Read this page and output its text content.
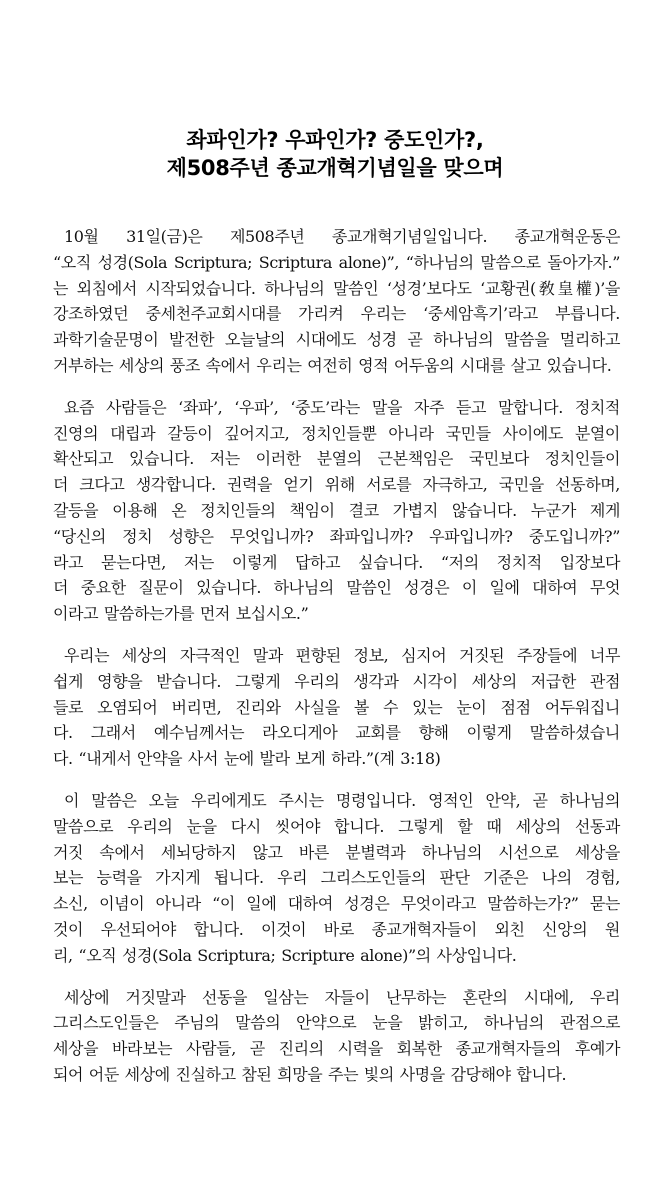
좌파인가? 우파인가? 중도인가?,
제508주년 종교개혁기념일을 맞으며
10월 31일(금)은 제508주년 종교개혁기념일입니다. 종교개혁운동은
“오직 성경(Sola Scriptura; Scriptura alone)”, “하나님의 말씀으로 돌아가자.”
는 외침에서 시작되었습니다. 하나님의 말씀인 ‘성경’보다도 ‘교황권(敎皇權)’을
강조하였던 중세천주교회시대를 가리켜 우리는 ‘중세암흑기’라고 부릅니다.
과학기술문명이 발전한 오늘날의 시대에도 성경 곧 하나님의 말씀을 멀리하고
거부하는 세상의 풍조 속에서 우리는 여전히 영적 어두움의 시대를 살고 있습니다.
요즘 사람들은 ‘좌파’, ‘우파’, ‘중도’라는 말을 자주 듣고 말합니다. 정치적
진영의 대립과 갈등이 깊어지고, 정치인들뿐 아니라 국민들 사이에도 분열이
확산되고 있습니다. 저는 이러한 분열의 근본책임은 국민보다 정치인들이
더 크다고 생각합니다. 권력을 얻기 위해 서로를 자극하고, 국민을 선동하며,
갈등을 이용해 온 정치인들의 책임이 결코 가볍지 않습니다. 누군가 제게
“당신의 정치 성향은 무엇입니까? 좌파입니까? 우파입니까? 중도입니까?”
라고 묻는다면, 저는 이렇게 답하고 싶습니다. “저의 정치적 입장보다
더 중요한 질문이 있습니다. 하나님의 말씀인 성경은 이 일에 대하여 무엇
이라고 말씀하는가를 먼저 보십시오.”
우리는 세상의 자극적인 말과 편향된 정보, 심지어 거짓된 주장들에 너무
쉽게 영향을 받습니다. 그렇게 우리의 생각과 시각이 세상의 저급한 관점
들로 오염되어 버리면, 진리와 사실을 볼 수 있는 눈이 점점 어두워집니
다. 그래서 예수님께서는 라오디게아 교회를 향해 이렇게 말씀하셨습니
다. “내게서 안약을 사서 눈에 발라 보게 하라.”(계 3:18)
이 말씀은 오늘 우리에게도 주시는 명령입니다. 영적인 안약, 곧 하나님의
말씀으로 우리의 눈을 다시 씻어야 합니다. 그렇게 할 때 세상의 선동과
거짓 속에서 세뇌당하지 않고 바른 분별력과 하나님의 시선으로 세상을
보는 능력을 가지게 됩니다. 우리 그리스도인들의 판단 기준은 나의 경험,
소신, 이념이 아니라 “이 일에 대하여 성경은 무엇이라고 말씀하는가?” 묻는
것이 우선되어야 합니다. 이것이 바로 종교개혁자들이 외친 신앙의 원
리, “오직 성경(Sola Scriptura; Scripture alone)”의 사상입니다.
세상에 거짓말과 선동을 일삼는 자들이 난무하는 혼란의 시대에, 우리
그리스도인들은 주님의 말씀의 안약으로 눈을 밝히고, 하나님의 관점으로
세상을 바라보는 사람들, 곧 진리의 시력을 회복한 종교개혁자들의 후예가
되어 어둔 세상에 진실하고 참된 희망을 주는 빛의 사명을 감당해야 합니다.
